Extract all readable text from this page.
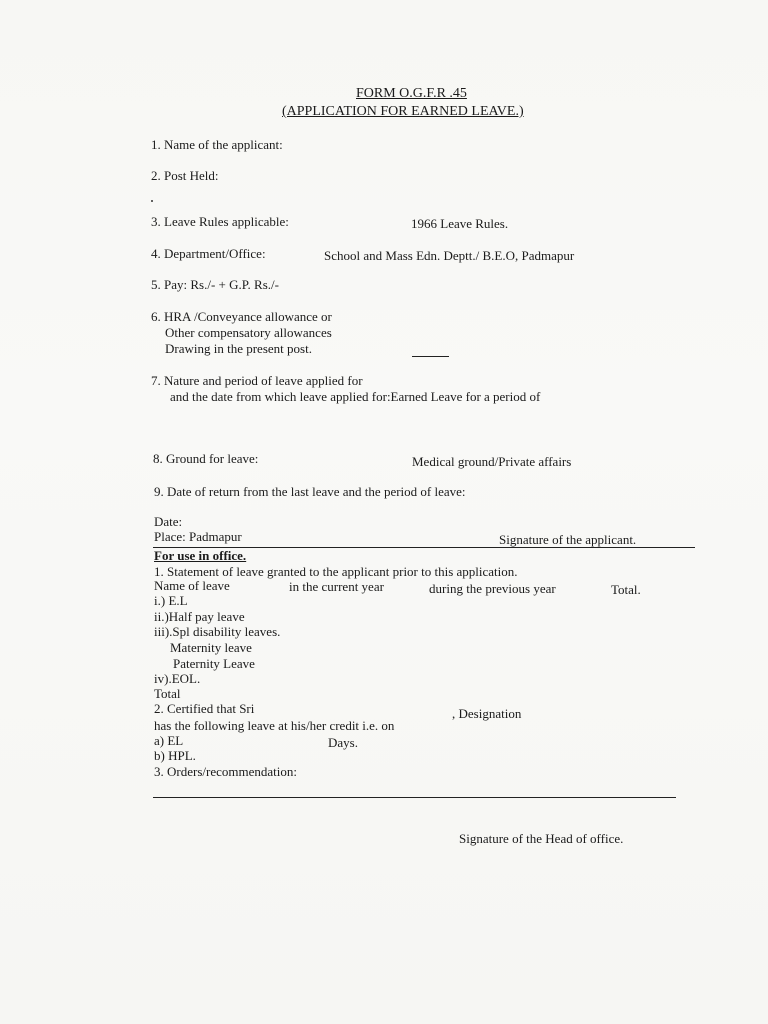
FORM O.G.F.R .45
(APPLICATION FOR EARNED LEAVE.)
1. Name of the applicant:
2. Post Held:
3. Leave Rules applicable:	1966 Leave Rules.
4. Department/Office:	School and Mass Edn. Deptt./ B.E.O, Padmapur
5. Pay: Rs./- + G.P. Rs./-
6. HRA /Conveyance allowance or
Other compensatory allowances
Drawing in the present post.
7. Nature and period of leave applied for
and the date from which leave applied for:Earned Leave for a period of
8. Ground for leave:	Medical ground/Private affairs
9. Date of return from the last leave and the period of leave:
Date:
Place: Padmapur	Signature of the applicant.
For use in office.
1. Statement of leave granted to the applicant prior to this application.
Name of leave	in the current year	during the previous year	Total.
i.) E.L
ii.)Half pay leave
iii).Spl disability leaves.
Maternity leave
Paternity Leave
iv).EOL.
Total
2. Certified that Sri	, Designation
has the following leave at his/her credit i.e. on
a) EL	Days.
b) HPL.
3. Orders/recommendation:
Signature of the Head of office.
